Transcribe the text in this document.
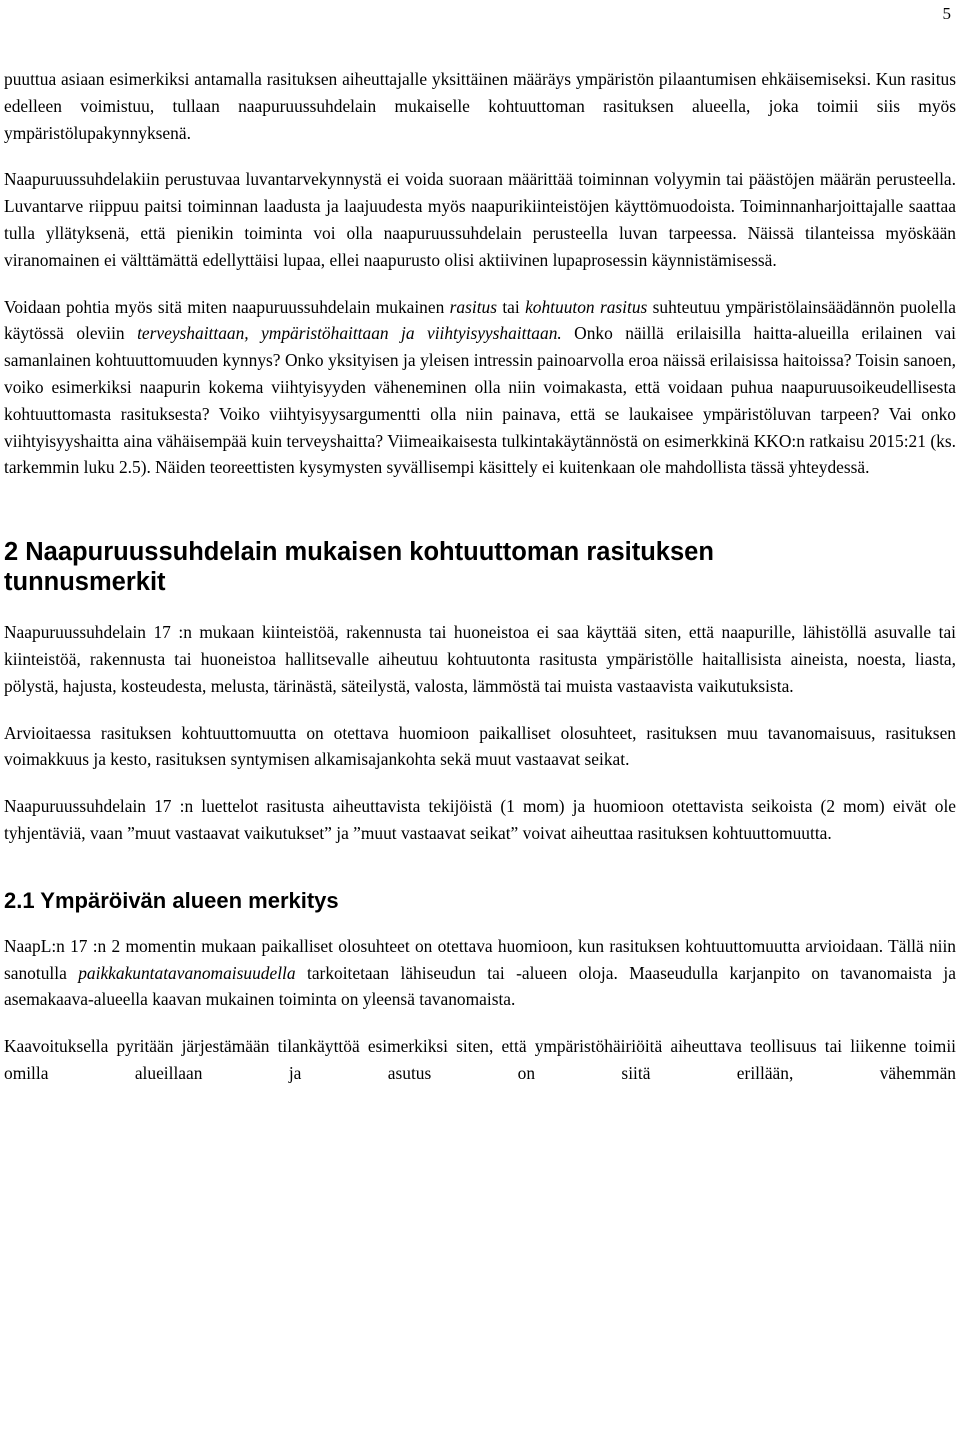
5

puuttua asiaan esimerkiksi antamalla rasituksen aiheuttajalle yksittäinen määräys ympäristön pilaantumisen ehkäisemiseksi. Kun rasitus edelleen voimistuu, tullaan naapuruussuhdelain mukaiselle kohtuuttoman rasituksen alueella, joka toimii siis myös ympäristölupakynnyksenä.

Naapuruussuhdelakiin perustuvaa luvantarvekynnystä ei voida suoraan määrittää toiminnan volyymin tai päästöjen määrän perusteella. Luvantarve riippuu paitsi toiminnan laadusta ja laajuudesta myös naapurikiinteistöjen käyttömuodoista. Toiminnanharjoittajalle saattaa tulla yllätyksenä, että pienikin toiminta voi olla naapuruussuhdelain perusteella luvan tarpeessa. Näissä tilanteissa myöskään viranomainen ei välttämättä edellyttäisi lupaa, ellei naapurusto olisi aktiivinen lupaprosessin käynnistämisessä.

Voidaan pohtia myös sitä miten naapuruussuhdelain mukainen rasitus tai kohtuuton rasitus suhteutuu ympäristölainsäädännön puolella käytössä oleviin terveyshaittaan, ympäristöhaittaan ja viihtyisyyshaittaan. Onko näillä erilaisilla haitta-alueilla erilainen vai samanlainen kohtuuttomuuden kynnys? Onko yksityisen ja yleisen intressin painoarvolla eroa näissä erilaisissa haitoissa? Toisin sanoen, voiko esimerkiksi naapurin kokema viihtyisyyden väheneminen olla niin voimakasta, että voidaan puhua naapuruusoikeudellisesta kohtuuttomasta rasituksesta? Voiko viihtyisyysargumentti olla niin painava, että se laukaisee ympäristöluvan tarpeen? Vai onko viihtyisyyshaitta aina vähäisempää kuin terveyshaitta? Viimeaikaisesta tulkintakäytännöstä on esimerkkinä KKO:n ratkaisu 2015:21 (ks. tarkemmin luku 2.5). Näiden teoreettisten kysymysten syvällisempi käsittely ei kuitenkaan ole mahdollista tässä yhteydessä.

2 Naapuruussuhdelain mukaisen kohtuuttoman rasituksen tunnusmerkit

Naapuruussuhdelain 17 :n mukaan kiinteistöä, rakennusta tai huoneistoa ei saa käyttää siten, että naapurille, lähistöllä asuvalle tai kiinteistöä, rakennusta tai huoneistoa hallitsevalle aiheutuu kohtuutonta rasitusta ympäristölle haitallisista aineista, noesta, liasta, pölystä, hajusta, kosteudesta, melusta, tärinästä, säteilystä, valosta, lämmöstä tai muista vastaavista vaikutuksista.

Arvioitaessa rasituksen kohtuuttomuutta on otettava huomioon paikalliset olosuhteet, rasituksen muu tavanomaisuus, rasituksen voimakkuus ja kesto, rasituksen syntymisen alkamisajankohta sekä muut vastaavat seikat.

Naapuruussuhdelain 17 :n luettelot rasitusta aiheuttavista tekijöistä (1 mom) ja huomioon otettavista seikoista (2 mom) eivät ole tyhjentäviä, vaan ”muut vastaavat vaikutukset” ja ”muut vastaavat seikat” voivat aiheuttaa rasituksen kohtuuttomuutta.

2.1 Ympäröivän alueen merkitys

NaapL:n 17 :n 2 momentin mukaan paikalliset olosuhteet on otettava huomioon, kun rasituksen kohtuuttomuutta arvioidaan. Tällä niin sanotulla paikkakuntatavanomaisuudella tarkoitetaan lähiseudun tai -alueen oloja. Maaseudulla karjanpito on tavanomaista ja asemakaava-alueella kaavan mukainen toiminta on yleensä tavanomaista.

Kaavoituksella pyritään järjestämään tilankäyttöä esimerkiksi siten, että ympäristöhäiriöitä aiheuttava teollisuus tai liikenne toimii omilla alueillaan ja asutus on siitä erillään, vähemmän
